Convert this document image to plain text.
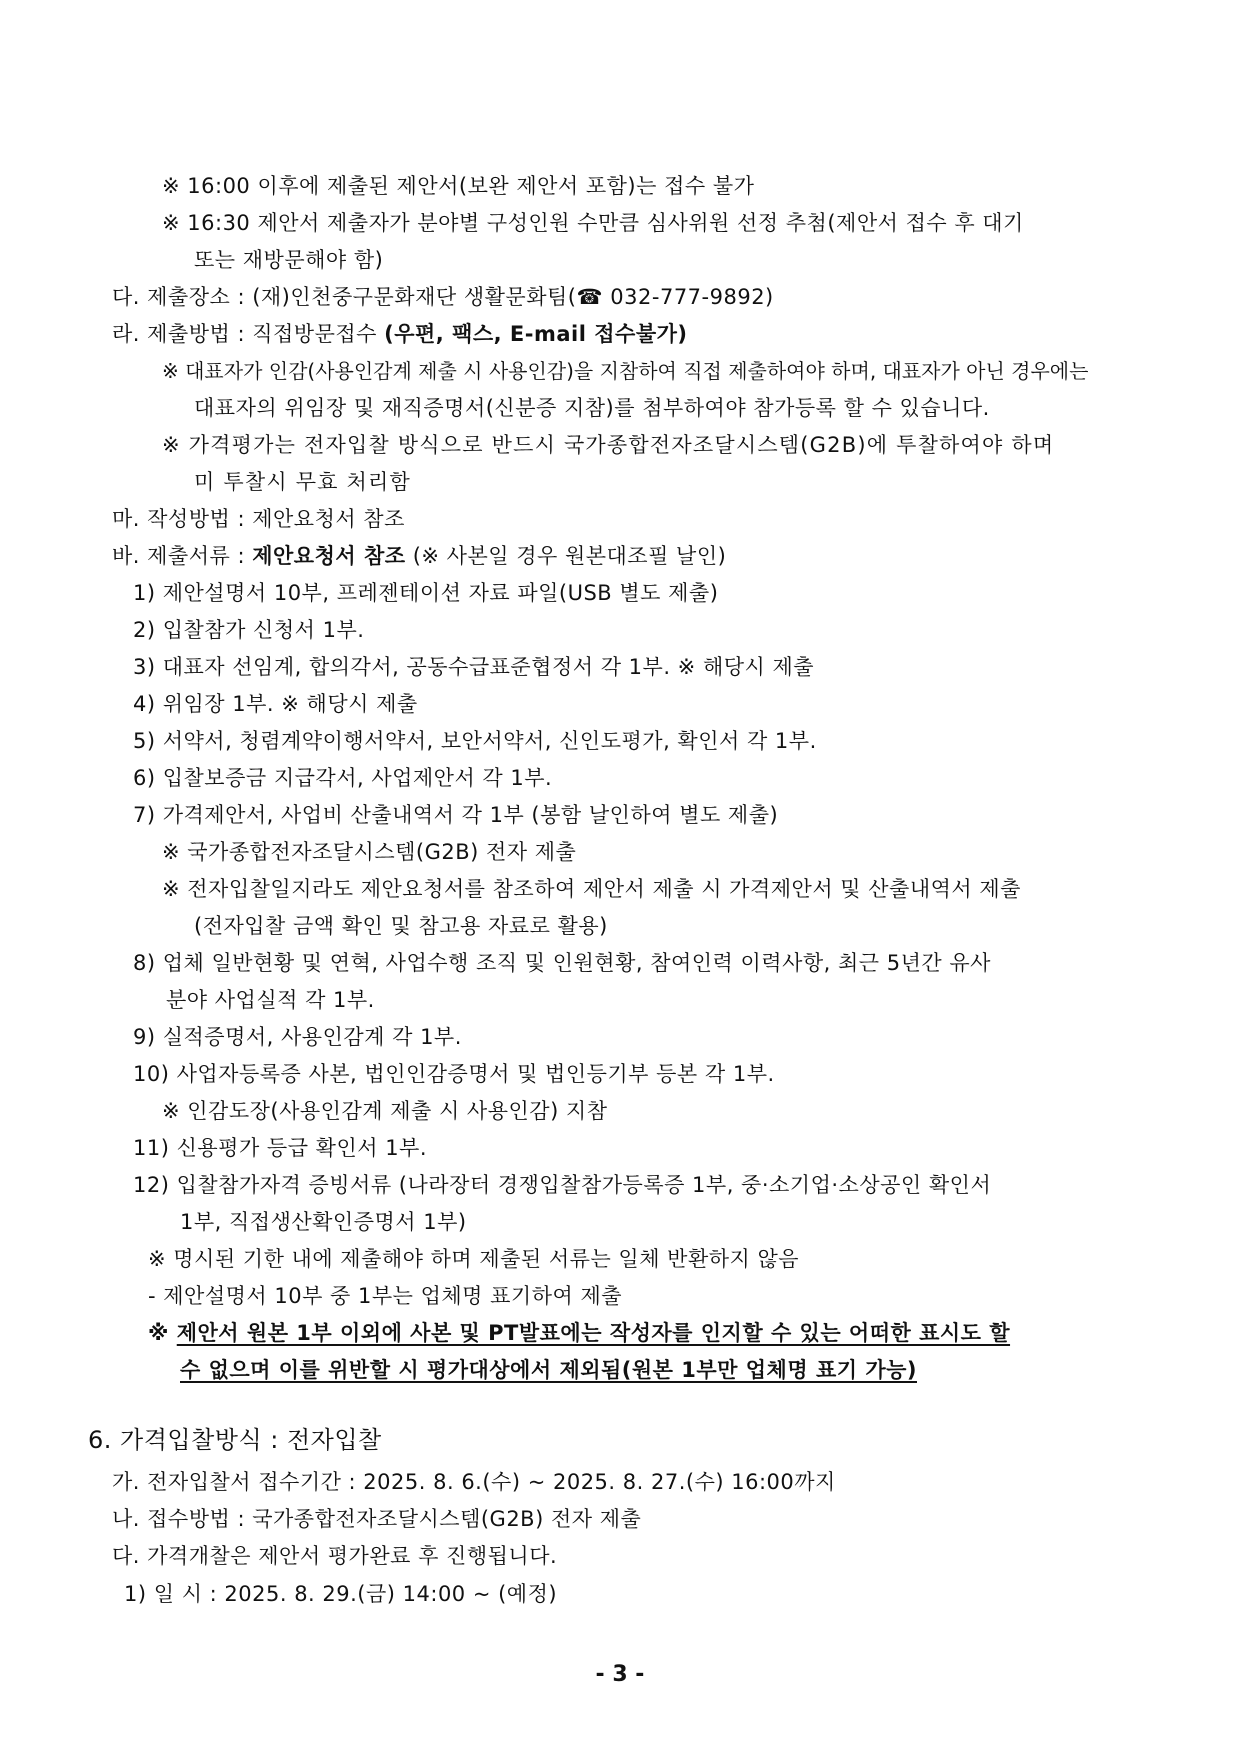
※ 16:00 이후에 제출된 제안서(보완 제안서 포함)는 접수 불가
※ 16:30 제안서 제출자가 분야별 구성인원 수만큼 심사위원 선정 추첨(제안서 접수 후 대기
또는 재방문해야 함)
다. 제출장소 : (재)인천중구문화재단 생활문화팀(☎ 032-777-9892)
라. 제출방법 : 직접방문접수 (우편, 팩스, E-mail 접수불가)
※ 대표자가 인감(사용인감계 제출 시 사용인감)을 지참하여 직접 제출하여야 하며, 대표자가 아닌 경우에는
대표자의 위임장 및 재직증명서(신분증 지참)를 첨부하여야 참가등록 할 수 있습니다.
※ 가격평가는 전자입찰 방식으로 반드시 국가종합전자조달시스템(G2B)에 투찰하여야 하며
미 투찰시 무효 처리함
마. 작성방법 : 제안요청서 참조
바. 제출서류 : 제안요청서 참조 (※ 사본일 경우 원본대조필 날인)
1) 제안설명서 10부, 프레젠테이션 자료 파일(USB 별도 제출)
2) 입찰참가 신청서 1부.
3) 대표자 선임계, 합의각서, 공동수급표준협정서 각 1부. ※ 해당시 제출
4) 위임장 1부. ※ 해당시 제출
5) 서약서, 청렴계약이행서약서, 보안서약서, 신인도평가, 확인서 각 1부.
6) 입찰보증금 지급각서, 사업제안서 각 1부.
7) 가격제안서, 사업비 산출내역서 각 1부 (봉함 날인하여 별도 제출)
※ 국가종합전자조달시스템(G2B) 전자 제출
※ 전자입찰일지라도 제안요청서를 참조하여 제안서 제출 시 가격제안서 및 산출내역서 제출
(전자입찰 금액 확인 및 참고용 자료로 활용)
8) 업체 일반현황 및 연혁, 사업수행 조직 및 인원현황, 참여인력 이력사항, 최근 5년간 유사
분야 사업실적 각 1부.
9) 실적증명서, 사용인감계 각 1부.
10) 사업자등록증 사본, 법인인감증명서 및 법인등기부 등본 각 1부.
※ 인감도장(사용인감계 제출 시 사용인감) 지참
11) 신용평가 등급 확인서 1부.
12) 입찰참가자격 증빙서류 (나라장터 경쟁입찰참가등록증 1부, 중·소기업·소상공인 확인서
1부, 직접생산확인증명서 1부)
※ 명시된 기한 내에 제출해야 하며 제출된 서류는 일체 반환하지 않음
- 제안설명서 10부 중 1부는 업체명 표기하여 제출
※ 제안서 원본 1부 이외에 사본 및 PT발표에는 작성자를 인지할 수 있는 어떠한 표시도 할
수 없으며 이를 위반할 시 평가대상에서 제외됨(원본 1부만 업체명 표기 가능)
6. 가격입찰방식 : 전자입찰
가. 전자입찰서 접수기간 : 2025. 8. 6.(수) ~ 2025. 8. 27.(수) 16:00까지
나. 접수방법 : 국가종합전자조달시스템(G2B) 전자 제출
다. 가격개찰은 제안서 평가완료 후 진행됩니다.
1) 일 시 : 2025. 8. 29.(금) 14:00 ~ (예정)
- 3 -
